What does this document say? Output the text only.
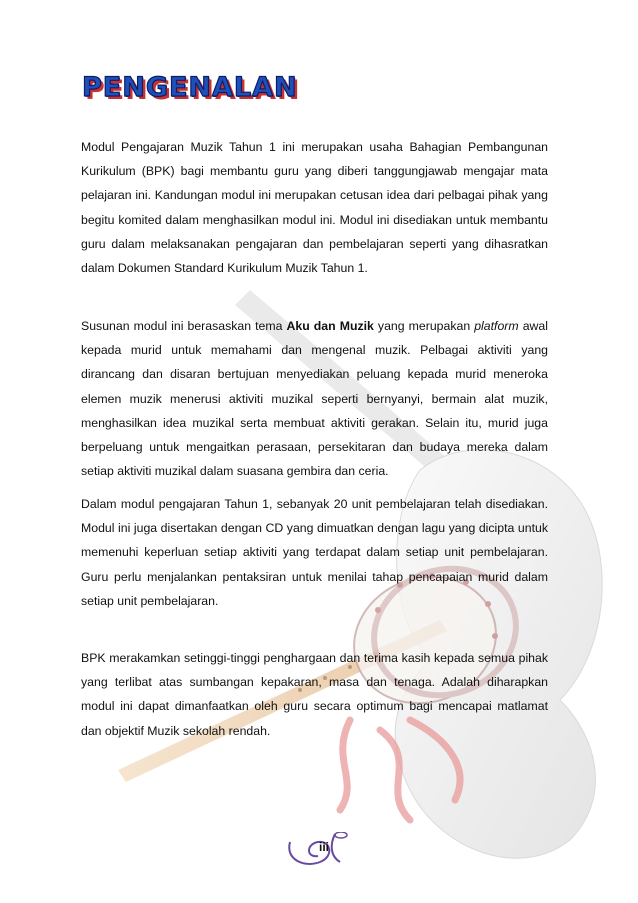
PENGENALAN
Modul Pengajaran Muzik Tahun 1 ini merupakan usaha Bahagian Pembangunan Kurikulum (BPK) bagi membantu guru yang diberi tanggungjawab mengajar mata pelajaran ini. Kandungan modul ini merupakan cetusan idea dari pelbagai pihak yang begitu komited dalam menghasilkan modul ini. Modul ini disediakan untuk membantu guru dalam melaksanakan pengajaran dan pembelajaran seperti yang dihasratkan dalam Dokumen Standard Kurikulum Muzik Tahun 1.
Susunan modul ini berasaskan tema Aku dan Muzik yang merupakan platform awal kepada murid untuk memahami dan mengenal muzik. Pelbagai aktiviti yang dirancang dan disaran bertujuan menyediakan peluang kepada murid meneroka elemen muzik menerusi aktiviti muzikal seperti bernyanyi, bermain alat muzik, menghasilkan idea muzikal serta membuat aktiviti gerakan. Selain itu, murid juga berpeluang untuk mengaitkan perasaan, persekitaran dan budaya mereka dalam setiap aktiviti muzikal dalam suasana gembira dan ceria.
Dalam modul pengajaran Tahun 1, sebanyak 20 unit pembelajaran telah disediakan. Modul ini juga disertakan dengan CD yang dimuatkan dengan lagu yang dicipta untuk memenuhi keperluan setiap aktiviti yang terdapat dalam setiap unit pembelajaran. Guru perlu menjalankan pentaksiran untuk menilai tahap pencapaian murid dalam setiap unit pembelajaran.
BPK merakamkan setinggi-tinggi penghargaan dan terima kasih kepada semua pihak yang terlibat atas sumbangan kepakaran, masa dan tenaga. Adalah diharapkan modul ini dapat dimanfaatkan oleh guru secara optimum bagi mencapai matlamat dan objektif Muzik sekolah rendah.
iii
